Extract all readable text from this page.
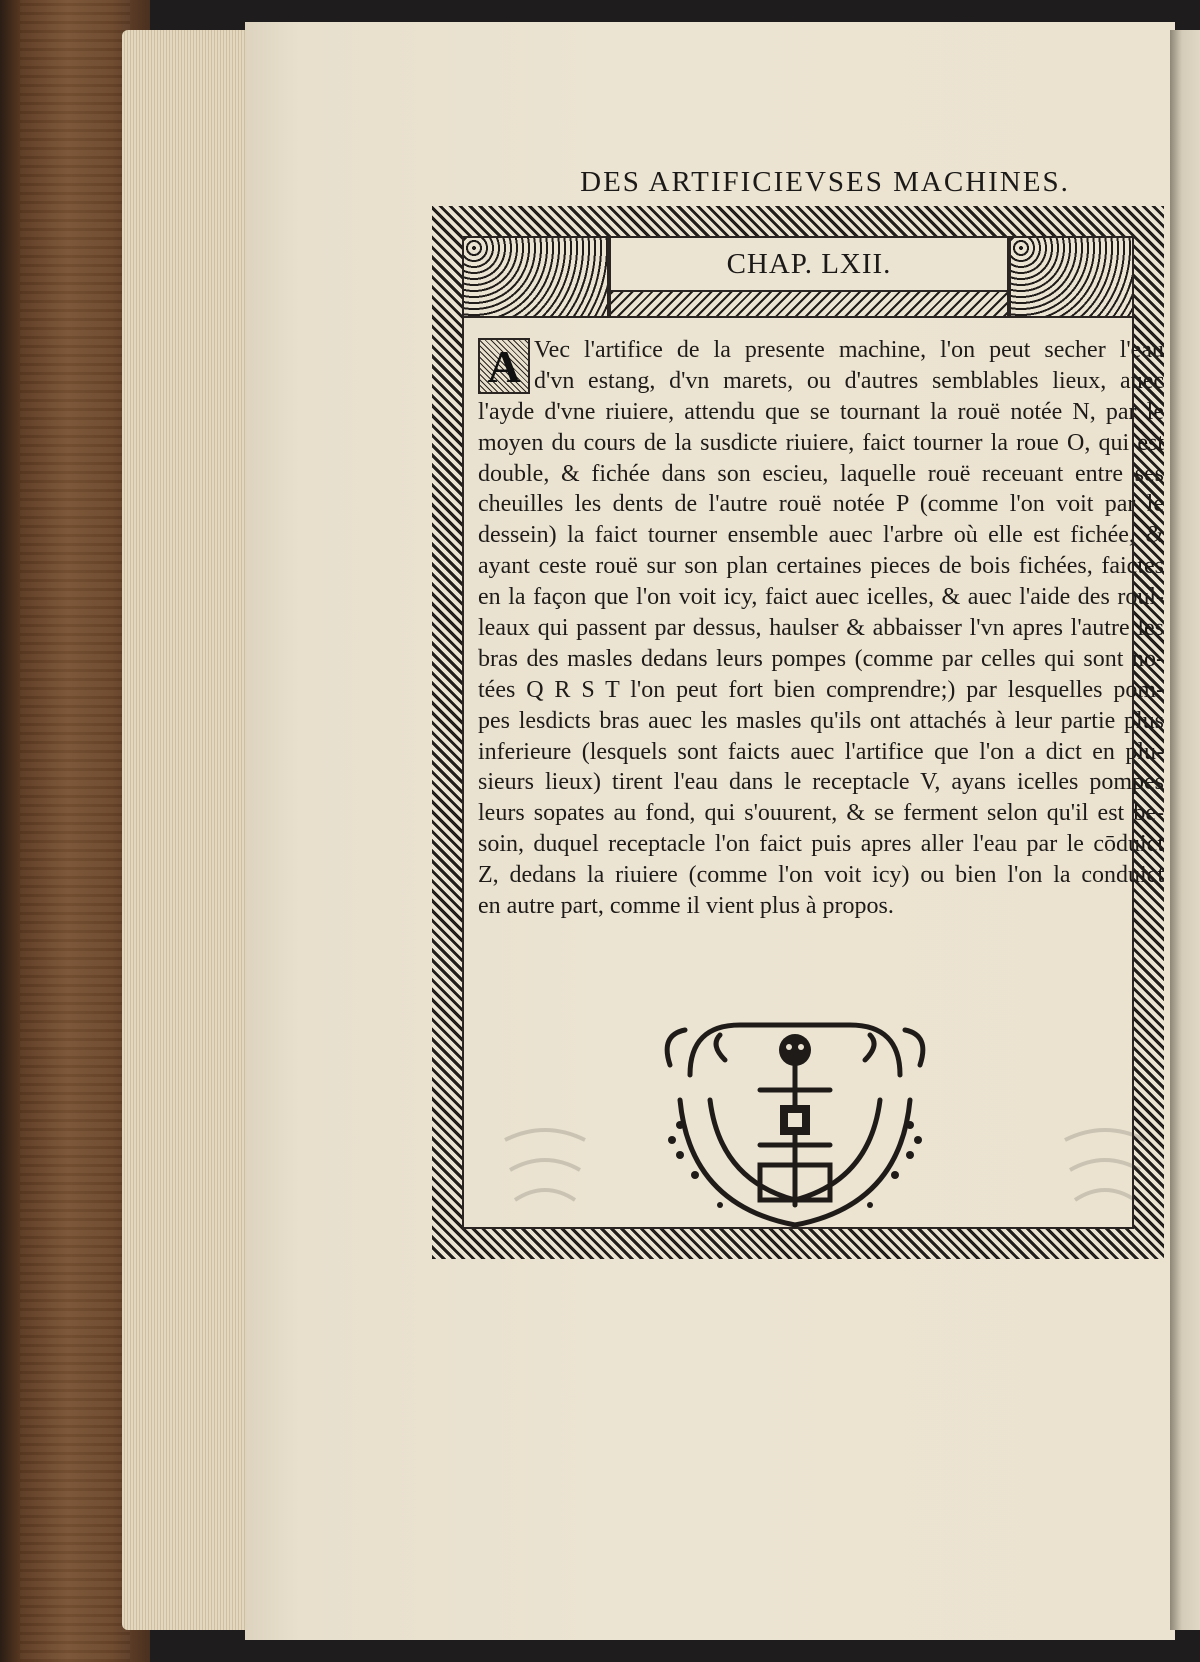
DES ARTIFICIEVSES MACHINES.
CHAP. LXII.
A Vec l'artifice de la presente machine, l'on peut secher l'eau
d'vn estang, d'vn marets, ou d'autres semblables lieux, auec
l'ayde d'vne riuiere, attendu que se tournant la rouë notée N, par le
moyen du cours de la susdicte riuiere, faict tourner la roue O, qui est
double, & fichée dans son escieu, laquelle rouë receuant entre ses
cheuilles les dents de l'autre rouë notée P (comme l'on voit par le
dessein) la faict tourner ensemble auec l'arbre où elle est fichée, &
ayant ceste rouë sur son plan certaines pieces de bois fichées, faictes
en la façon que l'on voit icy, faict auec icelles, & auec l'aide des roul-
leaux qui passent par dessus, haulser & abbaisser l'vn apres l'autre les
bras des masles dedans leurs pompes (comme par celles qui sont no-
tées Q R S T l'on peut fort bien comprendre;) par lesquelles pom-
pes lesdicts bras auec les masles qu'ils ont attachés à leur partie plus
inferieure (lesquels sont faicts auec l'artifice que l'on a dict en plu-
sieurs lieux) tirent l'eau dans le receptacle V, ayans icelles pompes
leurs sopates au fond, qui s'ouurent, & se ferment selon qu'il est be-
soin, duquel receptacle l'on faict puis apres aller l'eau par le cōduict
Z, dedans la riuiere (comme l'on voit icy) ou bien l'on la conduict
en autre part, comme il vient plus à propos.
